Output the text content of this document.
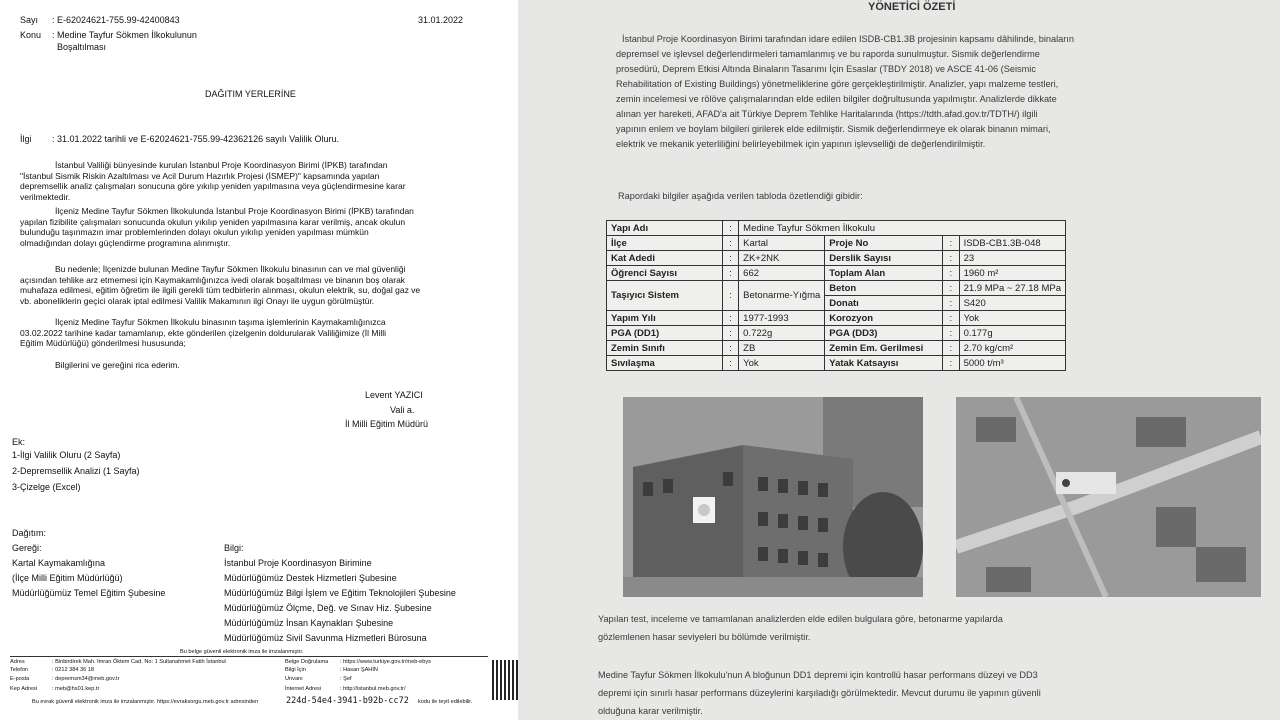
Sayı : E-62024621-755.99-42400843	31.01.2022
Konu : Medine Tayfur Sökmen İlkokulunun
Boşaltılması
DAĞITIM YERLERİNE
İlgi : 31.01.2022 tarihli ve E-62024621-755.99-42362126 sayılı Valilik Oluru.
İstanbul Valiliği bünyesinde kurulan İstanbul Proje Koordinasyon Birimi (İPKB) tarafından
"İstanbul Sismik Riskin Azaltılması ve Acil Durum Hazırlık Projesi (İSMEP)" kapsamında yapılan
depremsellik analiz çalışmaları sonucuna göre yıkılıp yeniden yapılmasına veya güçlendirmesine karar
verilmektedir.
İlçeniz Medine Tayfur Sökmen İlkokulunda İstanbul Proje Koordinasyon Birimi (İPKB) tarafından
yapılan fizibilite çalışmaları sonucunda okulun yıkılıp yeniden yapılmasına karar verilmiş, ancak okulun
bulunduğu taşınmazın imar problemlerinden dolayı okulun yıkılıp yeniden yapılması mümkün
olmadığından dolayı güçlendirme programına alınmıştır.
Bu nedenle; İlçenizde bulunan Medine Tayfur Sökmen İlkokulu binasının can ve mal güvenliği
açısından tehlike arz etmemesi için Kaymakamlığınızca ivedi olarak boşaltılması ve binanın boş olarak
muhafaza edilmesi, eğitim öğretim ile ilgili gerekli tüm tedbirlerin alınması, okulun elektrik, su, doğal gaz ve
vb. aboneliklerin geçici olarak iptal edilmesi Valilik Makamının ilgi Onayı ile uygun görülmüştür.
İlçeniz Medine Tayfur Sökmen İlkokulu binasının taşıma işlemlerinin Kaymakamlığınızca
03.02.2022 tarihine kadar tamamlanıp, ekte gönderilen çizelgenin doldurularak Valiliğimize (İl Milli
Eğitim Müdürlüğü) gönderilmesi hususunda;
Bilgilerini ve gereğini rica ederim.
Levent YAZICI
Vali a.
İl Milli Eğitim Müdürü
Ek:
1-İlgi Valilik Oluru (2 Sayfa)
2-Depremsellik Analizi (1 Sayfa)
3-Çizelge (Excel)
Dağıtım:
Gereği:
Kartal Kaymakamlığına
(İlçe Milli Eğitim Müdürlüğü)
Müdürlüğümüz Temel Eğitim Şubesine
Bilgi:
İstanbul Proje Koordinasyon Birimine
Müdürlüğümüz Destek Hizmetleri Şubesine
Müdürlüğümüz Bilgi İşlem ve Eğitim Teknolojileri Şubesine
Müdürlüğümüz Ölçme, Değ. ve Sınav Hiz. Şubesine
Müdürlüğümüz İnsan Kaynakları Şubesine
Müdürlüğümüz Sivil Savunma Hizmetleri Bürosuna
Bu belge güvenli elektronik imza ile imzalanmıştır.
Adres	: Binbirdirek Mah. İmran Öktem Cad. No: 1 Sultanahmet Fatih İstanbul
Telefon	: 0212 384 36 18
E-posta	: depremsm34@meb.gov.tr
Kep Adresi	: meb@hs01.kep.tr
Belge Doğrulama : https://www.turkiye.gov.tr/meb-ebys
Bilgi İçin	: Hasan ŞAHİN
Unvanı	: Şef
İnternet Adresi	: http://istanbul.meb.gov.tr/
Bu evrak güvenli elektronik imza ile imzalanmıştır. https://evraksorgu.meb.gov.tr adresinden	224d-54e4-3941-b92b-cc72 kodu ile teyit edilebilir.
YÖNETİCİ ÖZETİ
İstanbul Proje Koordinasyon Birimi tarafından idare edilen ISDB-CB1.3B projesinin kapsamı dâhilinde, binaların
depremsel ve işlevsel değerlendirmeleri tamamlanmış ve bu raporda sunulmuştur. Sismik değerlendirme
prosedürü, Deprem Etkisi Altında Binaların Tasarımı İçin Esaslar (TBDY 2018) ve ASCE 41-06 (Seismic
Rehabilitation of Existing Buildings) yönetmeliklerine göre gerçekleştirilmiştir. Analizler, yapı malzeme testleri,
zemin incelemesi ve rölöve çalışmalarından elde edilen bilgiler doğrultusunda yapılmıştır. Analizlerde dikkate
alınan yer hareketi, AFAD'a ait Türkiye Deprem Tehlike Haritalarında (https://tdth.afad.gov.tr/TDTH/) ilgili
yapının enlem ve boylam bilgileri girilerek elde edilmiştir. Sismik değerlendirmeye ek olarak binanın mimari,
elektrik ve mekanik yeterliliğini belirleyebilmek için yapının işlevselliği de değerlendirilmiştir.
Rapordaki bilgiler aşağıda verilen tabloda özetlendiği gibidir:
Yapı Adı	:	Medine Tayfur Sökmen İlkokulu			
İlçe	:	Kartal	Proje No	:	ISDB-CB1.3B-048
Kat Adedi	:	ZK+2NK	Derslik Sayısı	:	23
Öğrenci Sayısı	:	662	Toplam Alan	:	1960 m²
Taşıyıcı Sistem	:	Betonarme-Yığma	Beton	:	21.9 MPa ~ 27.18 MPa
			Donatı	:	S420
Yapım Yılı	:	1977-1993	Korozyon	:	Yok
PGA (DD1)	:	0.722g	PGA (DD3)	:	0.177g
Zemin Sınıfı	:	ZB	Zemin Em. Gerilmesi	:	2.70 kg/cm²
Sıvılaşma	:	Yok	Yatak Katsayısı	:	5000 t/m³
Yapılan test, inceleme ve tamamlanan analizlerden elde edilen bulgulara göre, betonarme yapılarda
gözlemlenen hasar seviyeleri bu bölümde verilmiştir.
Medine Tayfur Sökmen İlkokulu'nun A bloğunun DD1 depremi için kontrollü hasar performans düzeyi ve DD3
depremi için sınırlı hasar performans düzeylerini karşıladığı görülmektedir. Mevcut durumu ile yapının güvenli
olduğuna karar verilmiştir.
